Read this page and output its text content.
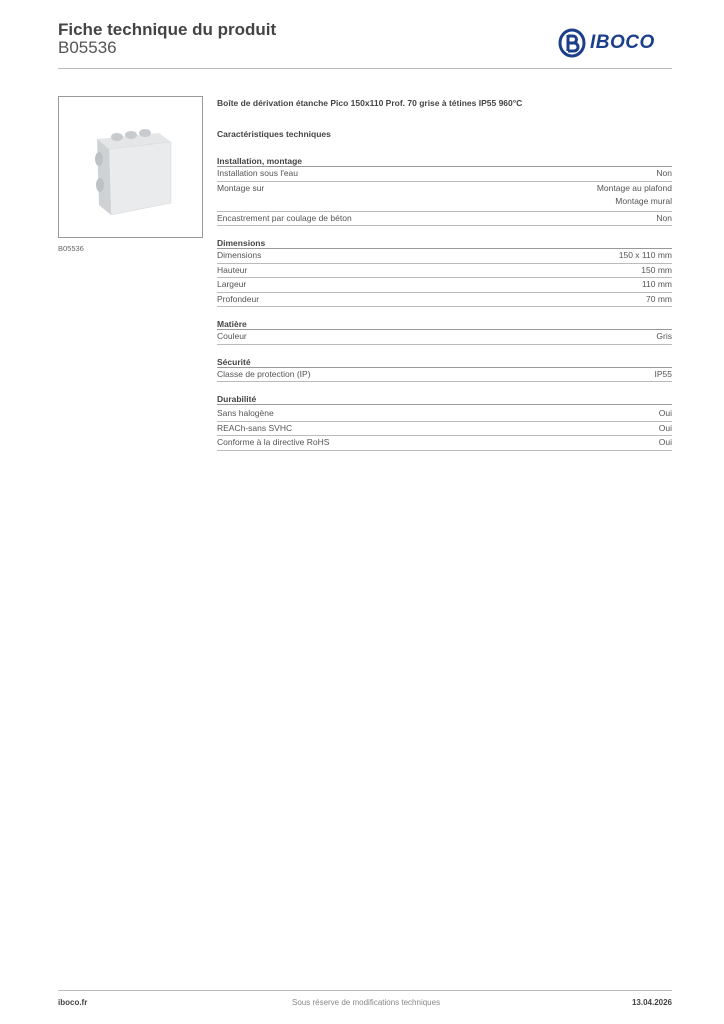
Fiche technique du produit
B05536	IBOCO
B05536
Boîte de dérivation étanche Pico 150x110 Prof. 70 grise à tétines IP55 960°C
Caractéristiques techniques
Installation, montage
Installation sous l'eau	Non
Montage sur	Montage au plafond
Montage mural
Encastrement par coulage de béton	Non
Dimensions
Dimensions	150 x 110 mm
Hauteur	150 mm
Largeur	110 mm
Profondeur	70 mm
Matière
Couleur	Gris
Sécurité
Classe de protection (IP)	IP55
Durabilité
Sans halogène	Oui
REACh-sans SVHC	Oui
Conforme à la directive RoHS	Oui
iboco.fr	Sous réserve de modifications techniques	13.04.2026
